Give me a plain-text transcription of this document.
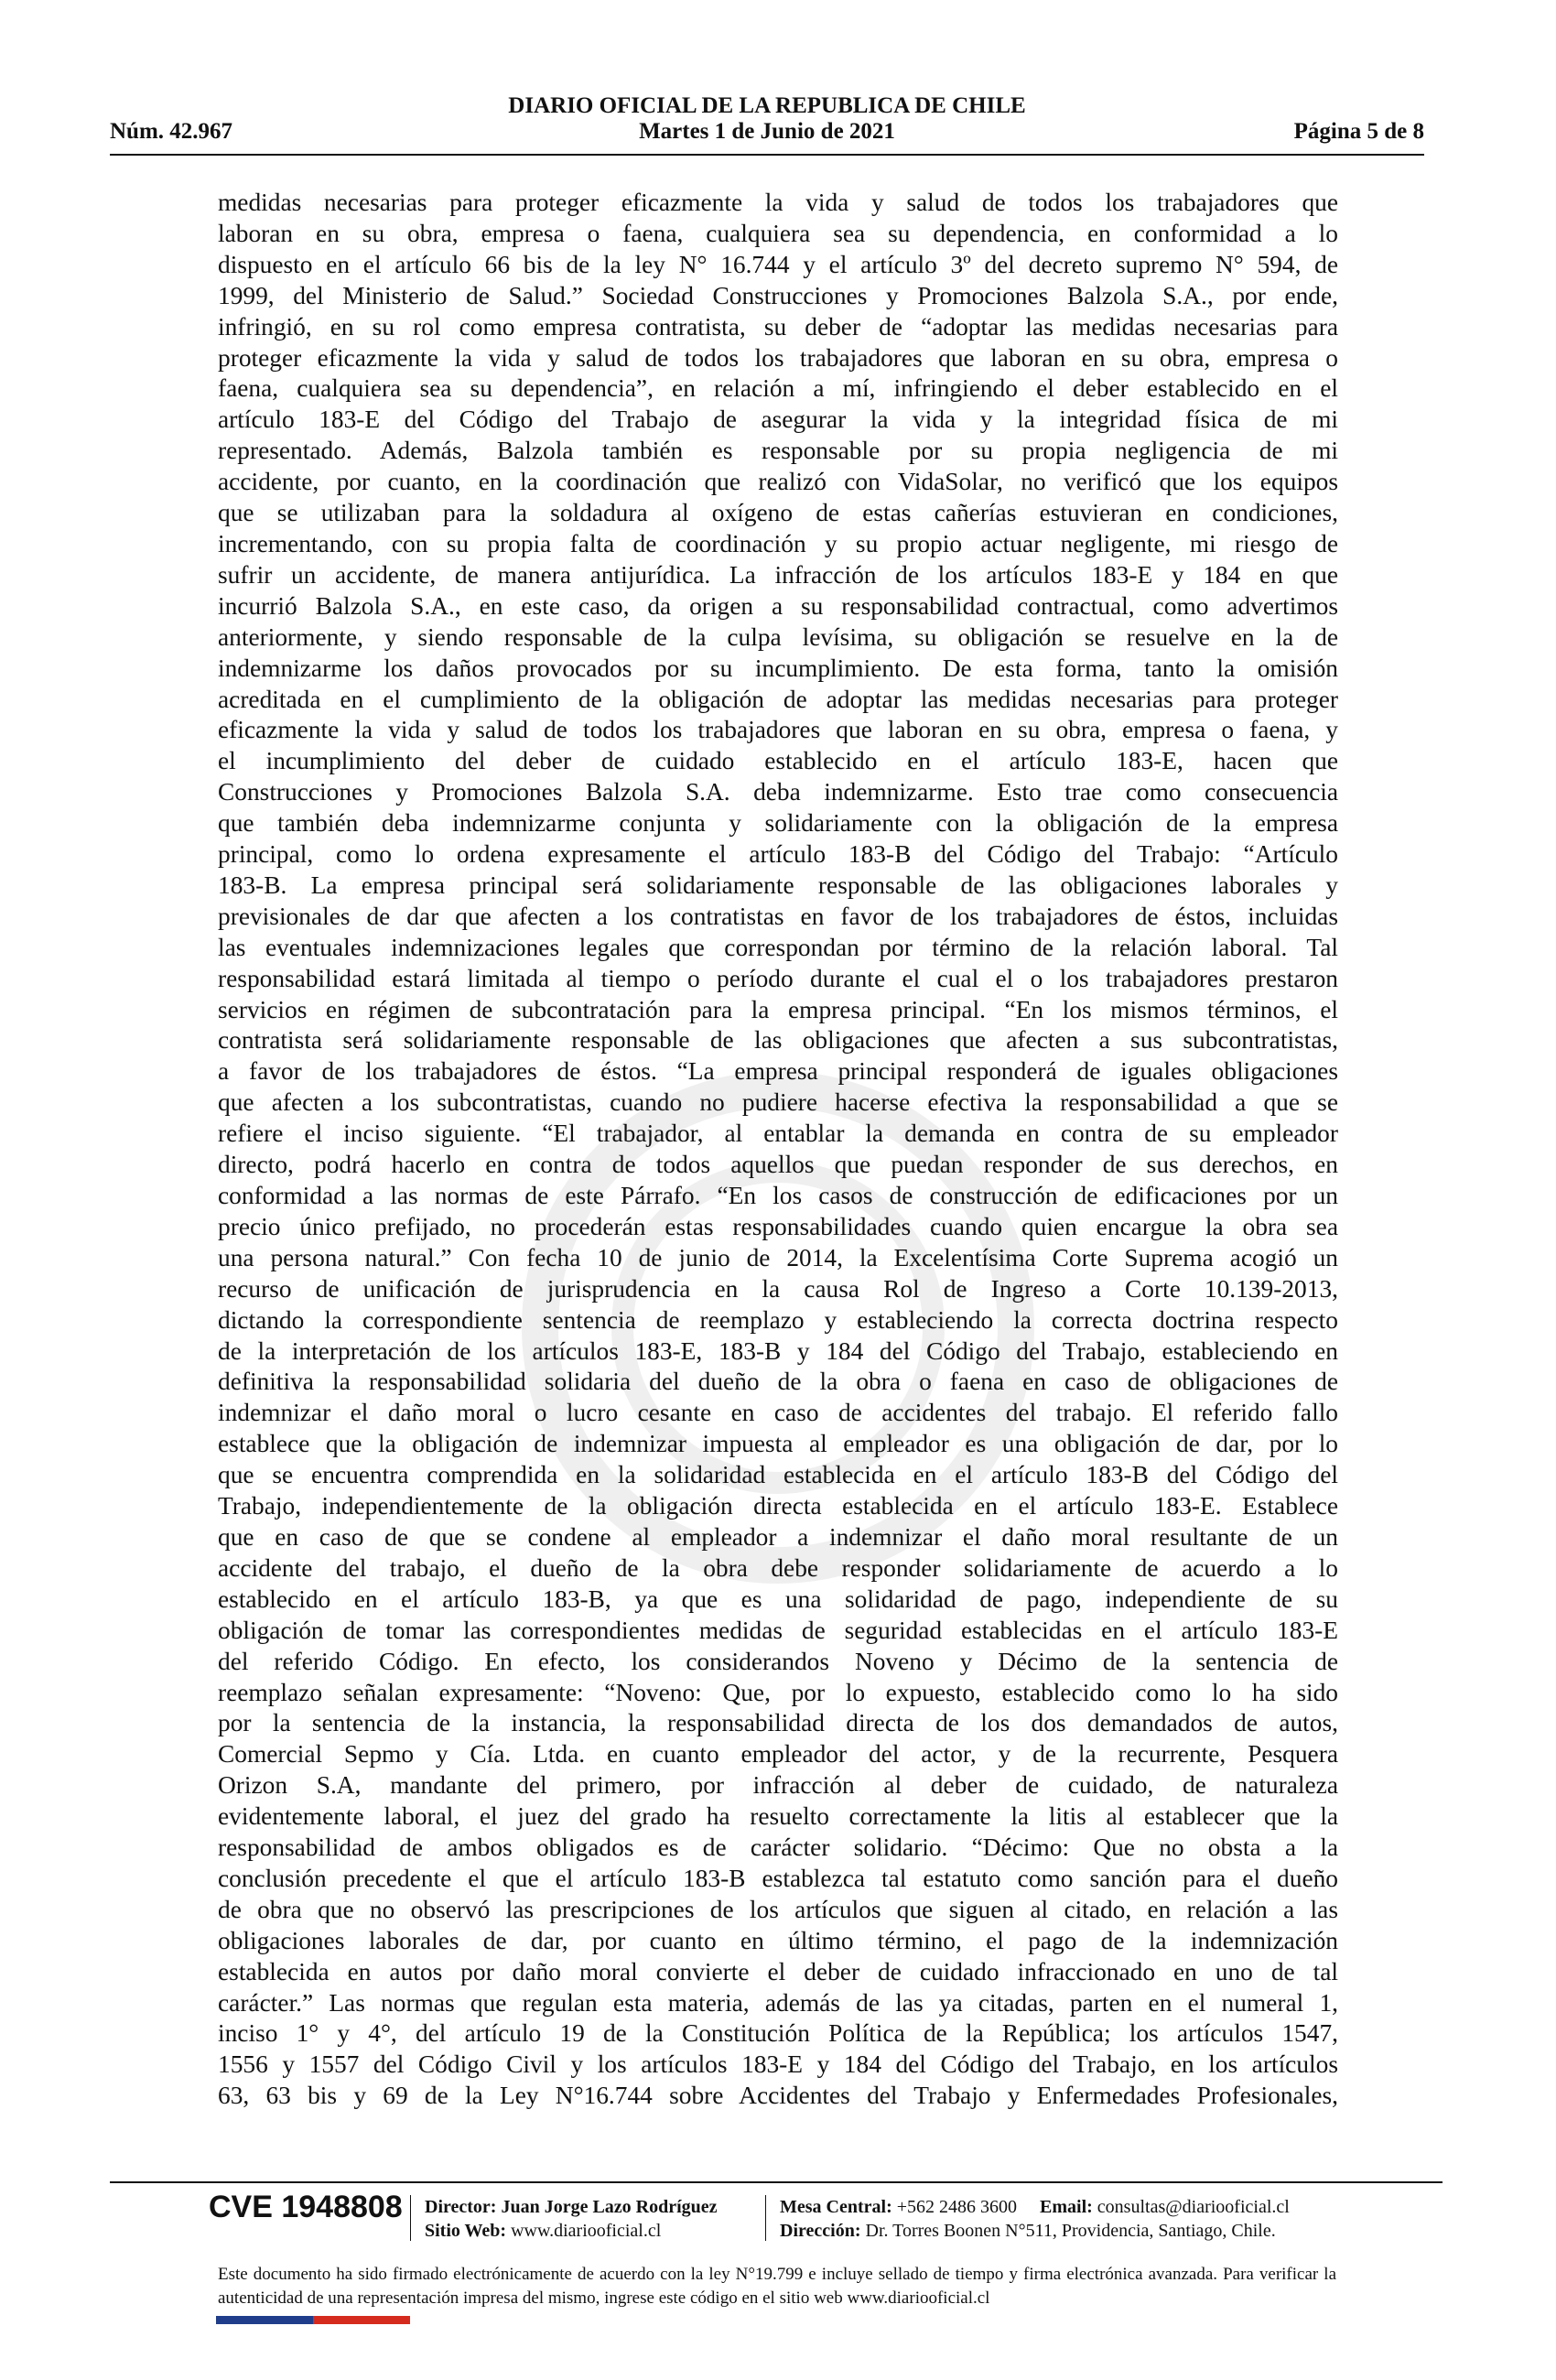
DIARIO OFICIAL DE LA REPUBLICA DE CHILE
Núm. 42.967	Martes 1 de Junio de 2021	Página 5 de 8
medidas necesarias para proteger eficazmente la vida y salud de todos los trabajadores que
laboran en su obra, empresa o faena, cualquiera sea su dependencia, en conformidad a lo
dispuesto en el artículo 66 bis de la ley N° 16.744 y el artículo 3º del decreto supremo N° 594, de
1999, del Ministerio de Salud.” Sociedad Construcciones y Promociones Balzola S.A., por ende,
infringió, en su rol como empresa contratista, su deber de “adoptar las medidas necesarias para
proteger eficazmente la vida y salud de todos los trabajadores que laboran en su obra, empresa o
faena, cualquiera sea su dependencia”, en relación a mí, infringiendo el deber establecido en el
artículo 183-E del Código del Trabajo de asegurar la vida y la integridad física de mi
representado. Además, Balzola también es responsable por su propia negligencia de mi
accidente, por cuanto, en la coordinación que realizó con VidaSolar, no verificó que los equipos
que se utilizaban para la soldadura al oxígeno de estas cañerías estuvieran en condiciones,
incrementando, con su propia falta de coordinación y su propio actuar negligente, mi riesgo de
sufrir un accidente, de manera antijurídica. La infracción de los artículos 183-E y 184 en que
incurrió Balzola S.A., en este caso, da origen a su responsabilidad contractual, como advertimos
anteriormente, y siendo responsable de la culpa levísima, su obligación se resuelve en la de
indemnizarme los daños provocados por su incumplimiento. De esta forma, tanto la omisión
acreditada en el cumplimiento de la obligación de adoptar las medidas necesarias para proteger
eficazmente la vida y salud de todos los trabajadores que laboran en su obra, empresa o faena, y
el incumplimiento del deber de cuidado establecido en el artículo 183-E, hacen que
Construcciones y Promociones Balzola S.A. deba indemnizarme. Esto trae como consecuencia
que también deba indemnizarme conjunta y solidariamente con la obligación de la empresa
principal, como lo ordena expresamente el artículo 183-B del Código del Trabajo: “Artículo
183-B. La empresa principal será solidariamente responsable de las obligaciones laborales y
previsionales de dar que afecten a los contratistas en favor de los trabajadores de éstos, incluidas
las eventuales indemnizaciones legales que correspondan por término de la relación laboral. Tal
responsabilidad estará limitada al tiempo o período durante el cual el o los trabajadores prestaron
servicios en régimen de subcontratación para la empresa principal. “En los mismos términos, el
contratista será solidariamente responsable de las obligaciones que afecten a sus subcontratistas,
a favor de los trabajadores de éstos. “La empresa principal responderá de iguales obligaciones
que afecten a los subcontratistas, cuando no pudiere hacerse efectiva la responsabilidad a que se
refiere el inciso siguiente. “El trabajador, al entablar la demanda en contra de su empleador
directo, podrá hacerlo en contra de todos aquellos que puedan responder de sus derechos, en
conformidad a las normas de este Párrafo. “En los casos de construcción de edificaciones por un
precio único prefijado, no procederán estas responsabilidades cuando quien encargue la obra sea
una persona natural.” Con fecha 10 de junio de 2014, la Excelentísima Corte Suprema acogió un
recurso de unificación de jurisprudencia en la causa Rol de Ingreso a Corte 10.139-2013,
dictando la correspondiente sentencia de reemplazo y estableciendo la correcta doctrina respecto
de la interpretación de los artículos 183-E, 183-B y 184 del Código del Trabajo, estableciendo en
definitiva la responsabilidad solidaria del dueño de la obra o faena en caso de obligaciones de
indemnizar el daño moral o lucro cesante en caso de accidentes del trabajo. El referido fallo
establece que la obligación de indemnizar impuesta al empleador es una obligación de dar, por lo
que se encuentra comprendida en la solidaridad establecida en el artículo 183-B del Código del
Trabajo, independientemente de la obligación directa establecida en el artículo 183-E. Establece
que en caso de que se condene al empleador a indemnizar el daño moral resultante de un
accidente del trabajo, el dueño de la obra debe responder solidariamente de acuerdo a lo
establecido en el artículo 183-B, ya que es una solidaridad de pago, independiente de su
obligación de tomar las correspondientes medidas de seguridad establecidas en el artículo 183-E
del referido Código. En efecto, los considerandos Noveno y Décimo de la sentencia de
reemplazo señalan expresamente: “Noveno: Que, por lo expuesto, establecido como lo ha sido
por la sentencia de la instancia, la responsabilidad directa de los dos demandados de autos,
Comercial Sepmo y Cía. Ltda. en cuanto empleador del actor, y de la recurrente, Pesquera
Orizon S.A, mandante del primero, por infracción al deber de cuidado, de naturaleza
evidentemente laboral, el juez del grado ha resuelto correctamente la litis al establecer que la
responsabilidad de ambos obligados es de carácter solidario. “Décimo: Que no obsta a la
conclusión precedente el que el artículo 183-B establezca tal estatuto como sanción para el dueño
de obra que no observó las prescripciones de los artículos que siguen al citado, en relación a las
obligaciones laborales de dar, por cuanto en último término, el pago de la indemnización
establecida en autos por daño moral convierte el deber de cuidado infraccionado en uno de tal
carácter.” Las normas que regulan esta materia, además de las ya citadas, parten en el numeral 1,
inciso 1° y 4°, del artículo 19 de la Constitución Política de la República; los artículos 1547,
1556 y 1557 del Código Civil y los artículos 183-E y 184 del Código del Trabajo, en los artículos
63, 63 bis y 69 de la Ley N°16.744 sobre Accidentes del Trabajo y Enfermedades Profesionales,
CVE 1948808 Director: Juan Jorge Lazo Rodríguez
Sitio Web: www.diariooficial.cl
Mesa Central: +562 2486 3600 Email: consultas@diariooficial.cl
Dirección: Dr. Torres Boonen N°511, Providencia, Santiago, Chile.
Este documento ha sido firmado electrónicamente de acuerdo con la ley N°19.799 e incluye sellado de tiempo y firma electrónica avanzada. Para verificar la autenticidad de una representación impresa del mismo, ingrese este código en el sitio web www.diariooficial.cl
